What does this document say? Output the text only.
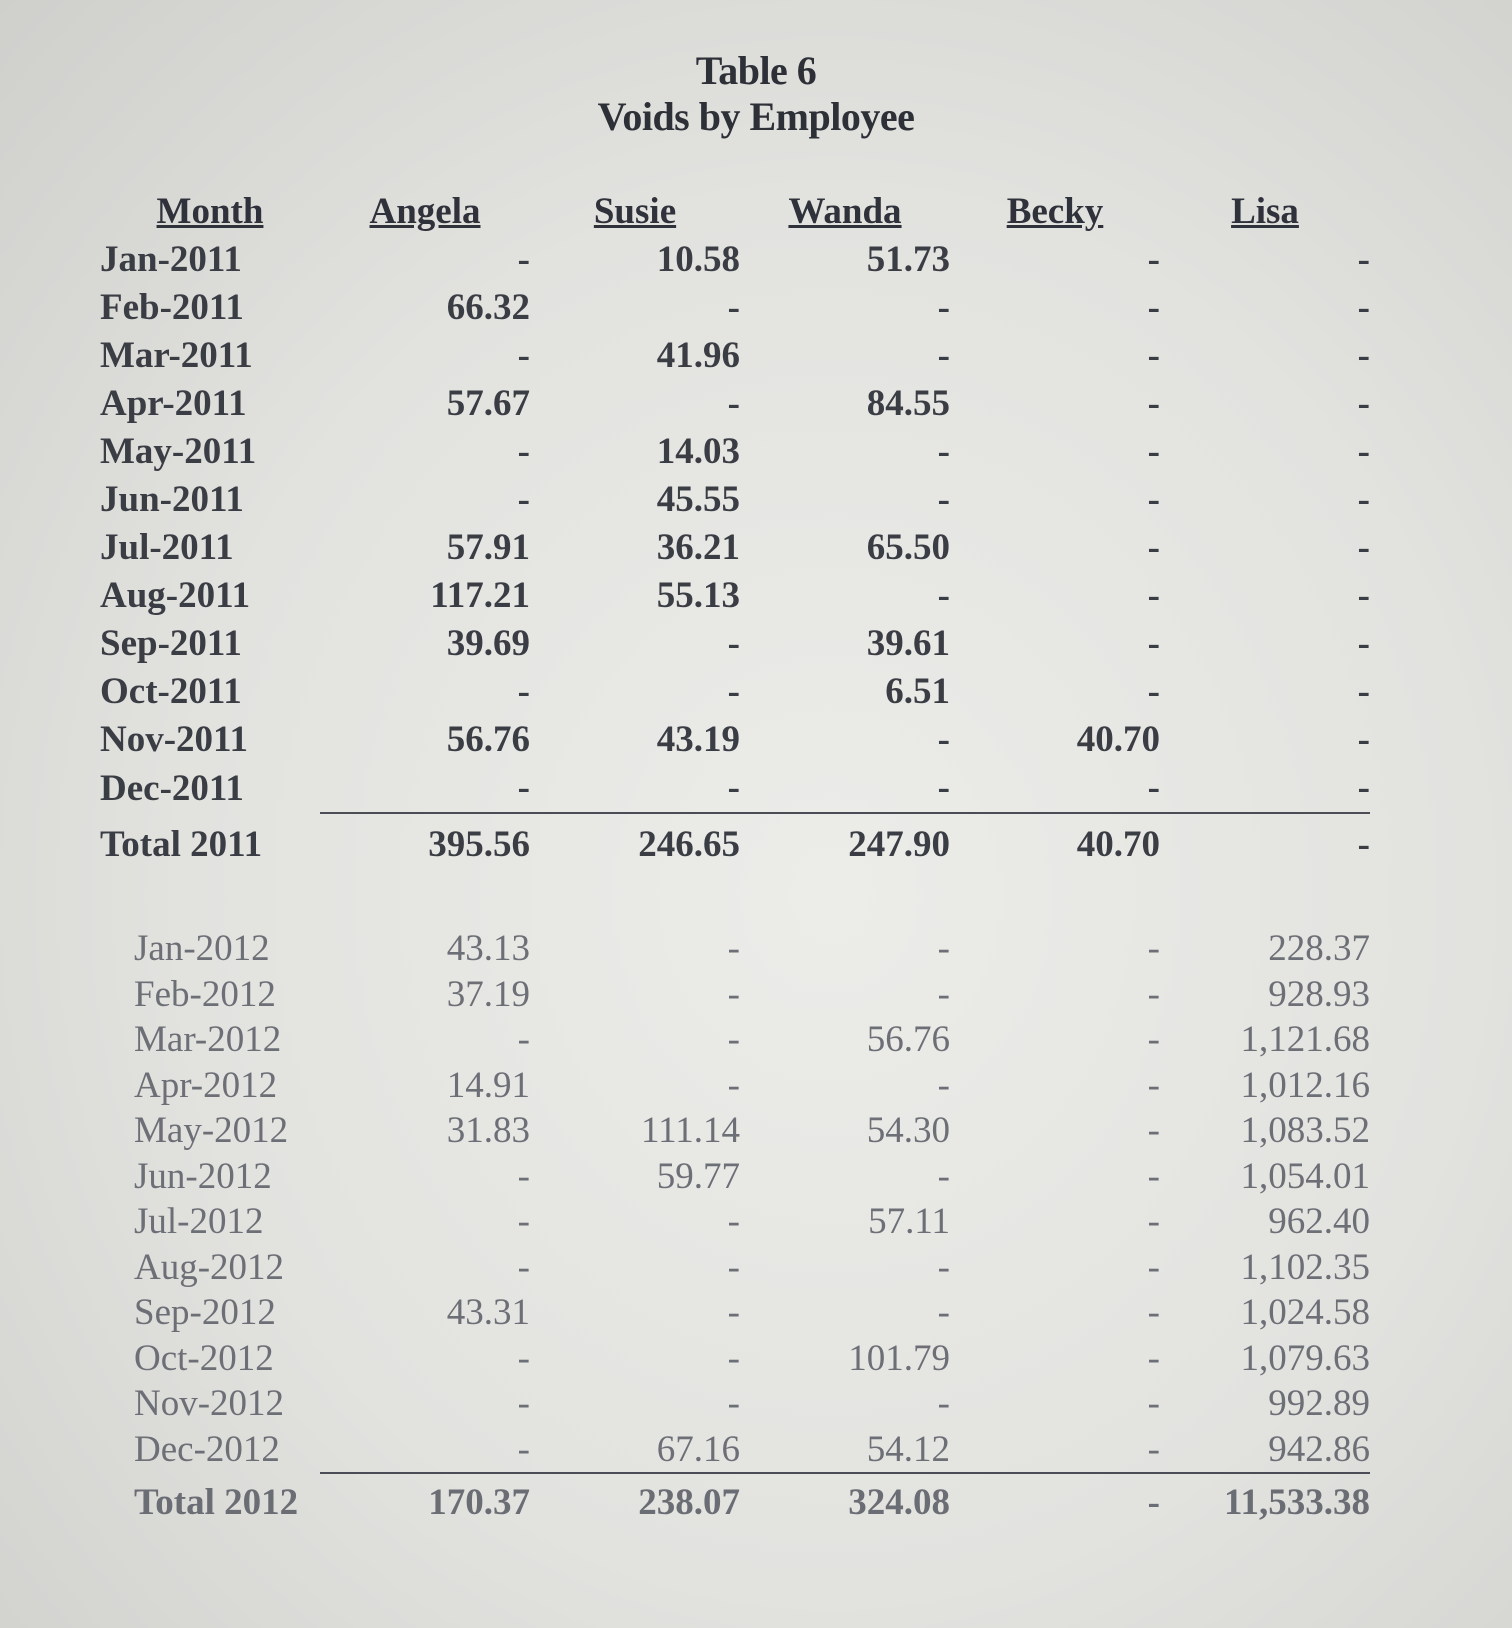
Table 6
Voids by Employee
Month	Angela	Susie	Wanda	Becky	Lisa
Jan-2011	-	10.58	51.73	-	-
Feb-2011	66.32	-	-	-	-
Mar-2011	-	41.96	-	-	-
Apr-2011	57.67	-	84.55	-	-
May-2011	-	14.03	-	-	-
Jun-2011	-	45.55	-	-	-
Jul-2011	57.91	36.21	65.50	-	-
Aug-2011	117.21	55.13	-	-	-
Sep-2011	39.69	-	39.61	-	-
Oct-2011	-	-	6.51	-	-
Nov-2011	56.76	43.19	-	40.70	-
Dec-2011	-	-	-	-	-
Total 2011	395.56	246.65	247.90	40.70	-

Jan-2012	43.13	-	-	-	228.37
Feb-2012	37.19	-	-	-	928.93
Mar-2012	-	-	56.76	-	1,121.68
Apr-2012	14.91	-	-	-	1,012.16
May-2012	31.83	111.14	54.30	-	1,083.52
Jun-2012	-	59.77	-	-	1,054.01
Jul-2012	-	-	57.11	-	962.40
Aug-2012	-	-	-	-	1,102.35
Sep-2012	43.31	-	-	-	1,024.58
Oct-2012	-	-	101.79	-	1,079.63
Nov-2012	-	-	-	-	992.89
Dec-2012	-	67.16	54.12	-	942.86
Total 2012	170.37	238.07	324.08	-	11,533.38
